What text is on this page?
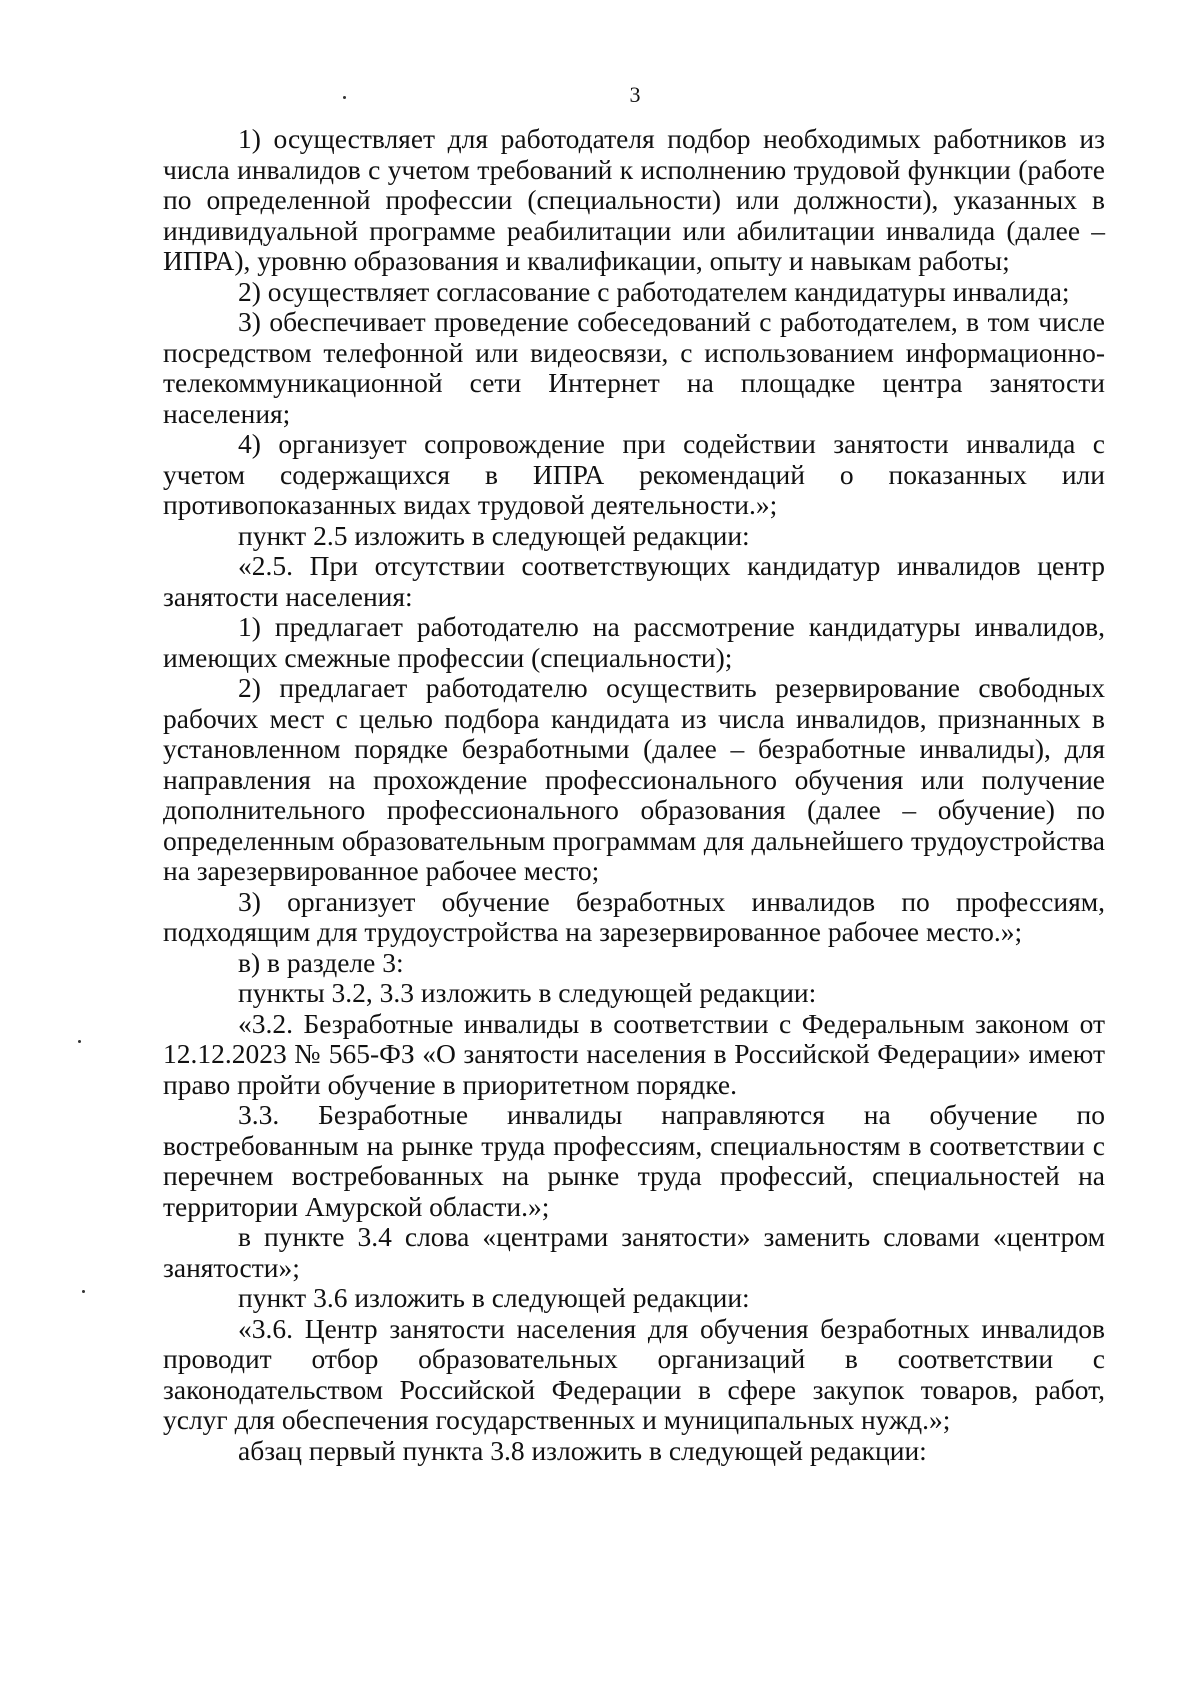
3

1) осуществляет для работодателя подбор необходимых работников из числа инвалидов с учетом требований к исполнению трудовой функции (работе по определенной профессии (специальности) или должности), указанных в индивидуальной программе реабилитации или абилитации инвалида (далее – ИПРА), уровню образования и квалификации, опыту и навыкам работы;

2) осуществляет согласование с работодателем кандидатуры инвалида;

3) обеспечивает проведение собеседований с работодателем, в том числе посредством телефонной или видеосвязи, с использованием информационно-телекоммуникационной сети Интернет на площадке центра занятости населения;

4) организует сопровождение при содействии занятости инвалида с учетом содержащихся в ИПРА рекомендаций о показанных или противопоказанных видах трудовой деятельности.»;

пункт 2.5 изложить в следующей редакции:

«2.5. При отсутствии соответствующих кандидатур инвалидов центр занятости населения:

1) предлагает работодателю на рассмотрение кандидатуры инвалидов, имеющих смежные профессии (специальности);

2) предлагает работодателю осуществить резервирование свободных рабочих мест с целью подбора кандидата из числа инвалидов, признанных в установленном порядке безработными (далее – безработные инвалиды), для направления на прохождение профессионального обучения или получение дополнительного профессионального образования (далее – обучение) по определенным образовательным программам для дальнейшего трудоустройства на зарезервированное рабочее место;

3) организует обучение безработных инвалидов по профессиям, подходящим для трудоустройства на зарезервированное рабочее место.»;

в) в разделе 3:

пункты 3.2, 3.3 изложить в следующей редакции:

«3.2. Безработные инвалиды в соответствии с Федеральным законом от 12.12.2023 № 565-ФЗ «О занятости населения в Российской Федерации» имеют право пройти обучение в приоритетном порядке.

3.3. Безработные инвалиды направляются на обучение по востребованным на рынке труда профессиям, специальностям в соответствии с перечнем востребованных на рынке труда профессий, специальностей на территории Амурской области.»;

в пункте 3.4 слова «центрами занятости» заменить словами «центром занятости»;

пункт 3.6 изложить в следующей редакции:

«3.6. Центр занятости населения для обучения безработных инвалидов проводит отбор образовательных организаций в соответствии с законодательством Российской Федерации в сфере закупок товаров, работ, услуг для обеспечения государственных и муниципальных нужд.»;

абзац первый пункта 3.8 изложить в следующей редакции:
